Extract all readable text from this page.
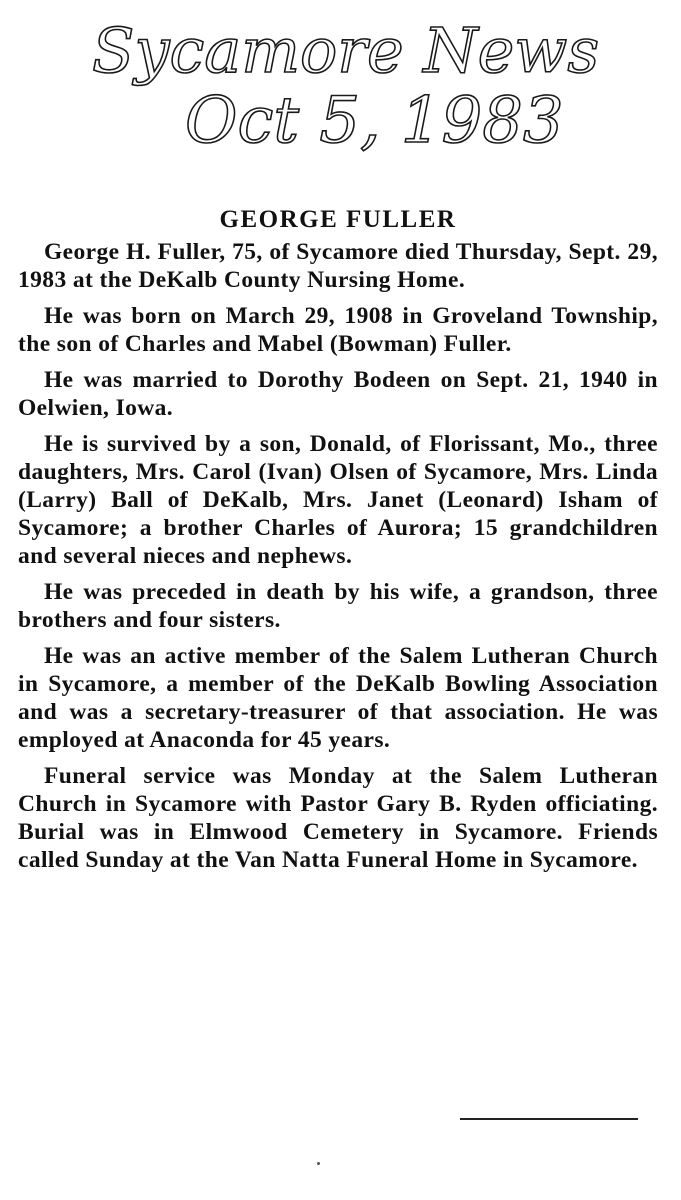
Sycamore News
Oct 5, 1983
GEORGE FULLER

George H. Fuller, 75, of Sycamore died Thursday, Sept. 29, 1983 at the DeKalb County Nursing Home.

He was born on March 29, 1908 in Groveland Township, the son of Charles and Mabel (Bowman) Fuller.

He was married to Dorothy Bodeen on Sept. 21, 1940 in Oelwien, Iowa.

He is survived by a son, Donald, of Florissant, Mo., three daughters, Mrs. Carol (Ivan) Olsen of Sycamore, Mrs. Linda (Larry) Ball of DeKalb, Mrs. Janet (Leonard) Isham of Sycamore; a brother Charles of Aurora; 15 grandchildren and several nieces and nephews.

He was preceded in death by his wife, a grandson, three brothers and four sisters.

He was an active member of the Salem Lutheran Church in Sycamore, a member of the DeKalb Bowling Association and was a secretary-treasurer of that association. He was employed at Anaconda for 45 years.

Funeral service was Monday at the Salem Lutheran Church in Sycamore with Pastor Gary B. Ryden officiating. Burial was in Elmwood Cemetery in Sycamore. Friends called Sunday at the Van Natta Funeral Home in Sycamore.
